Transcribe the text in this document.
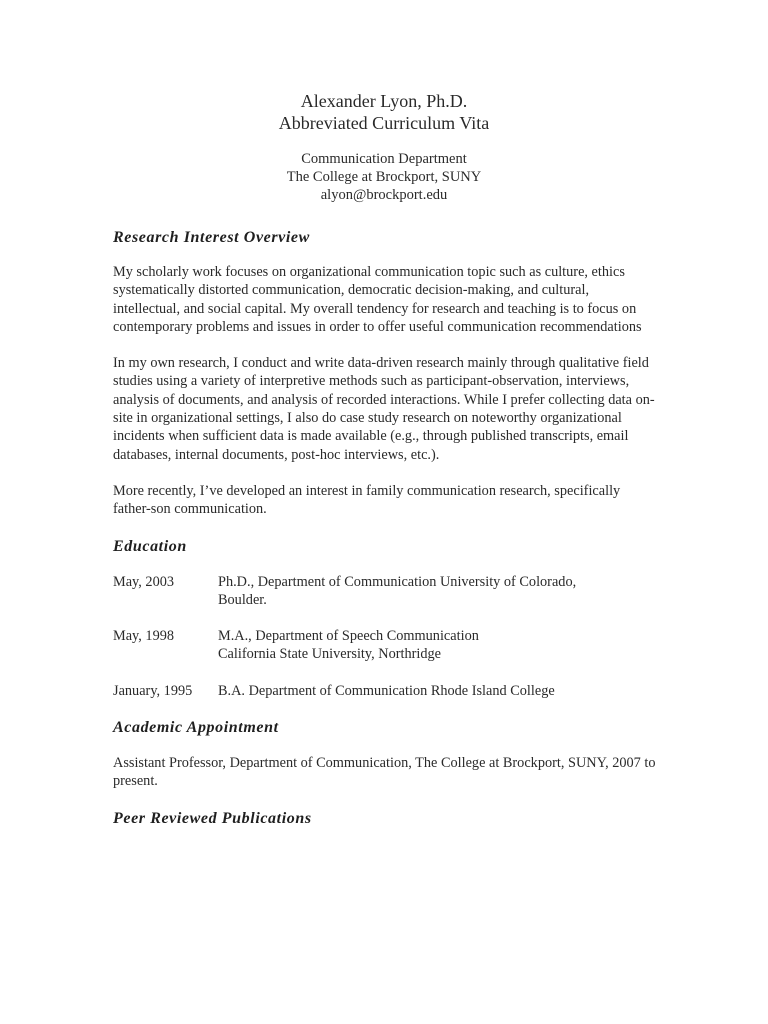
Alexander Lyon, Ph.D.
Abbreviated Curriculum Vita
Communication Department
The College at Brockport, SUNY
alyon@brockport.edu
Research Interest Overview

My scholarly work focuses on organizational communication topic such as culture, ethics systematically distorted communication, democratic decision-making, and cultural, intellectual, and social capital. My overall tendency for research and teaching is to focus on contemporary problems and issues in order to offer useful communication recommendations

In my own research, I conduct and write data-driven research mainly through qualitative field studies using a variety of interpretive methods such as participant-observation, interviews, analysis of documents, and analysis of recorded interactions. While I prefer collecting data on-site in organizational settings, I also do case study research on noteworthy organizational incidents when sufficient data is made available (e.g., through published transcripts, email databases, internal documents, post-hoc interviews, etc.).

More recently, I’ve developed an interest in family communication research, specifically father-son communication.

Education
May, 2003	Ph.D., Department of Communication University of Colorado,
Boulder.
May, 1998	M.A., Department of Speech Communication
California State University, Northridge
January, 1995	B.A. Department of Communication Rhode Island College
Academic Appointment

Assistant Professor, Department of Communication, The College at Brockport, SUNY, 2007 to present.

Peer Reviewed Publications
